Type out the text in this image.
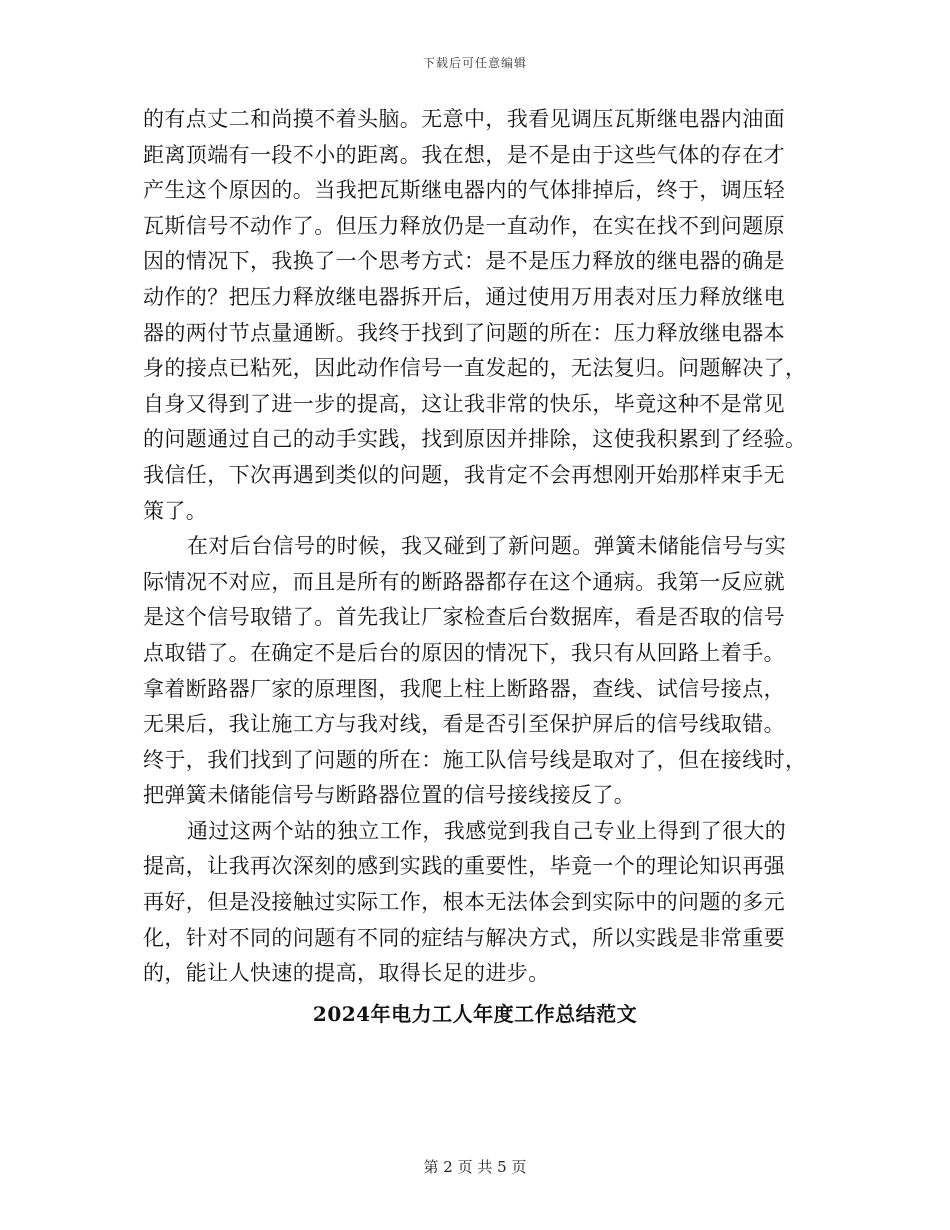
下载后可任意编辑
的有点丈二和尚摸不着头脑。无意中，我看见调压瓦斯继电器内油面
距离顶端有一段不小的距离。我在想，是不是由于这些气体的存在才
产生这个原因的。当我把瓦斯继电器内的气体排掉后，终于，调压轻
瓦斯信号不动作了。但压力释放仍是一直动作，在实在找不到问题原
因的情况下，我换了一个思考方式：是不是压力释放的继电器的确是
动作的？把压力释放继电器拆开后，通过使用万用表对压力释放继电
器的两付节点量通断。我终于找到了问题的所在：压力释放继电器本
身的接点已粘死，因此动作信号一直发起的，无法复归。问题解决了，
自身又得到了进一步的提高，这让我非常的快乐，毕竟这种不是常见
的问题通过自己的动手实践，找到原因并排除，这使我积累到了经验。
我信任，下次再遇到类似的问题，我肯定不会再想刚开始那样束手无
策了。
在对后台信号的时候，我又碰到了新问题。弹簧未储能信号与实
际情况不对应，而且是所有的断路器都存在这个通病。我第一反应就
是这个信号取错了。首先我让厂家检查后台数据库，看是否取的信号
点取错了。在确定不是后台的原因的情况下，我只有从回路上着手。
拿着断路器厂家的原理图，我爬上柱上断路器，查线、试信号接点，
无果后，我让施工方与我对线，看是否引至保护屏后的信号线取错。
终于，我们找到了问题的所在：施工队信号线是取对了，但在接线时，
把弹簧未储能信号与断路器位置的信号接线接反了。
通过这两个站的独立工作，我感觉到我自己专业上得到了很大的
提高，让我再次深刻的感到实践的重要性，毕竟一个的理论知识再强
再好，但是没接触过实际工作，根本无法体会到实际中的问题的多元
化，针对不同的问题有不同的症结与解决方式，所以实践是非常重要
的，能让人快速的提高，取得长足的进步。
2024年电力工人年度工作总结范文
第 2 页 共 5 页
